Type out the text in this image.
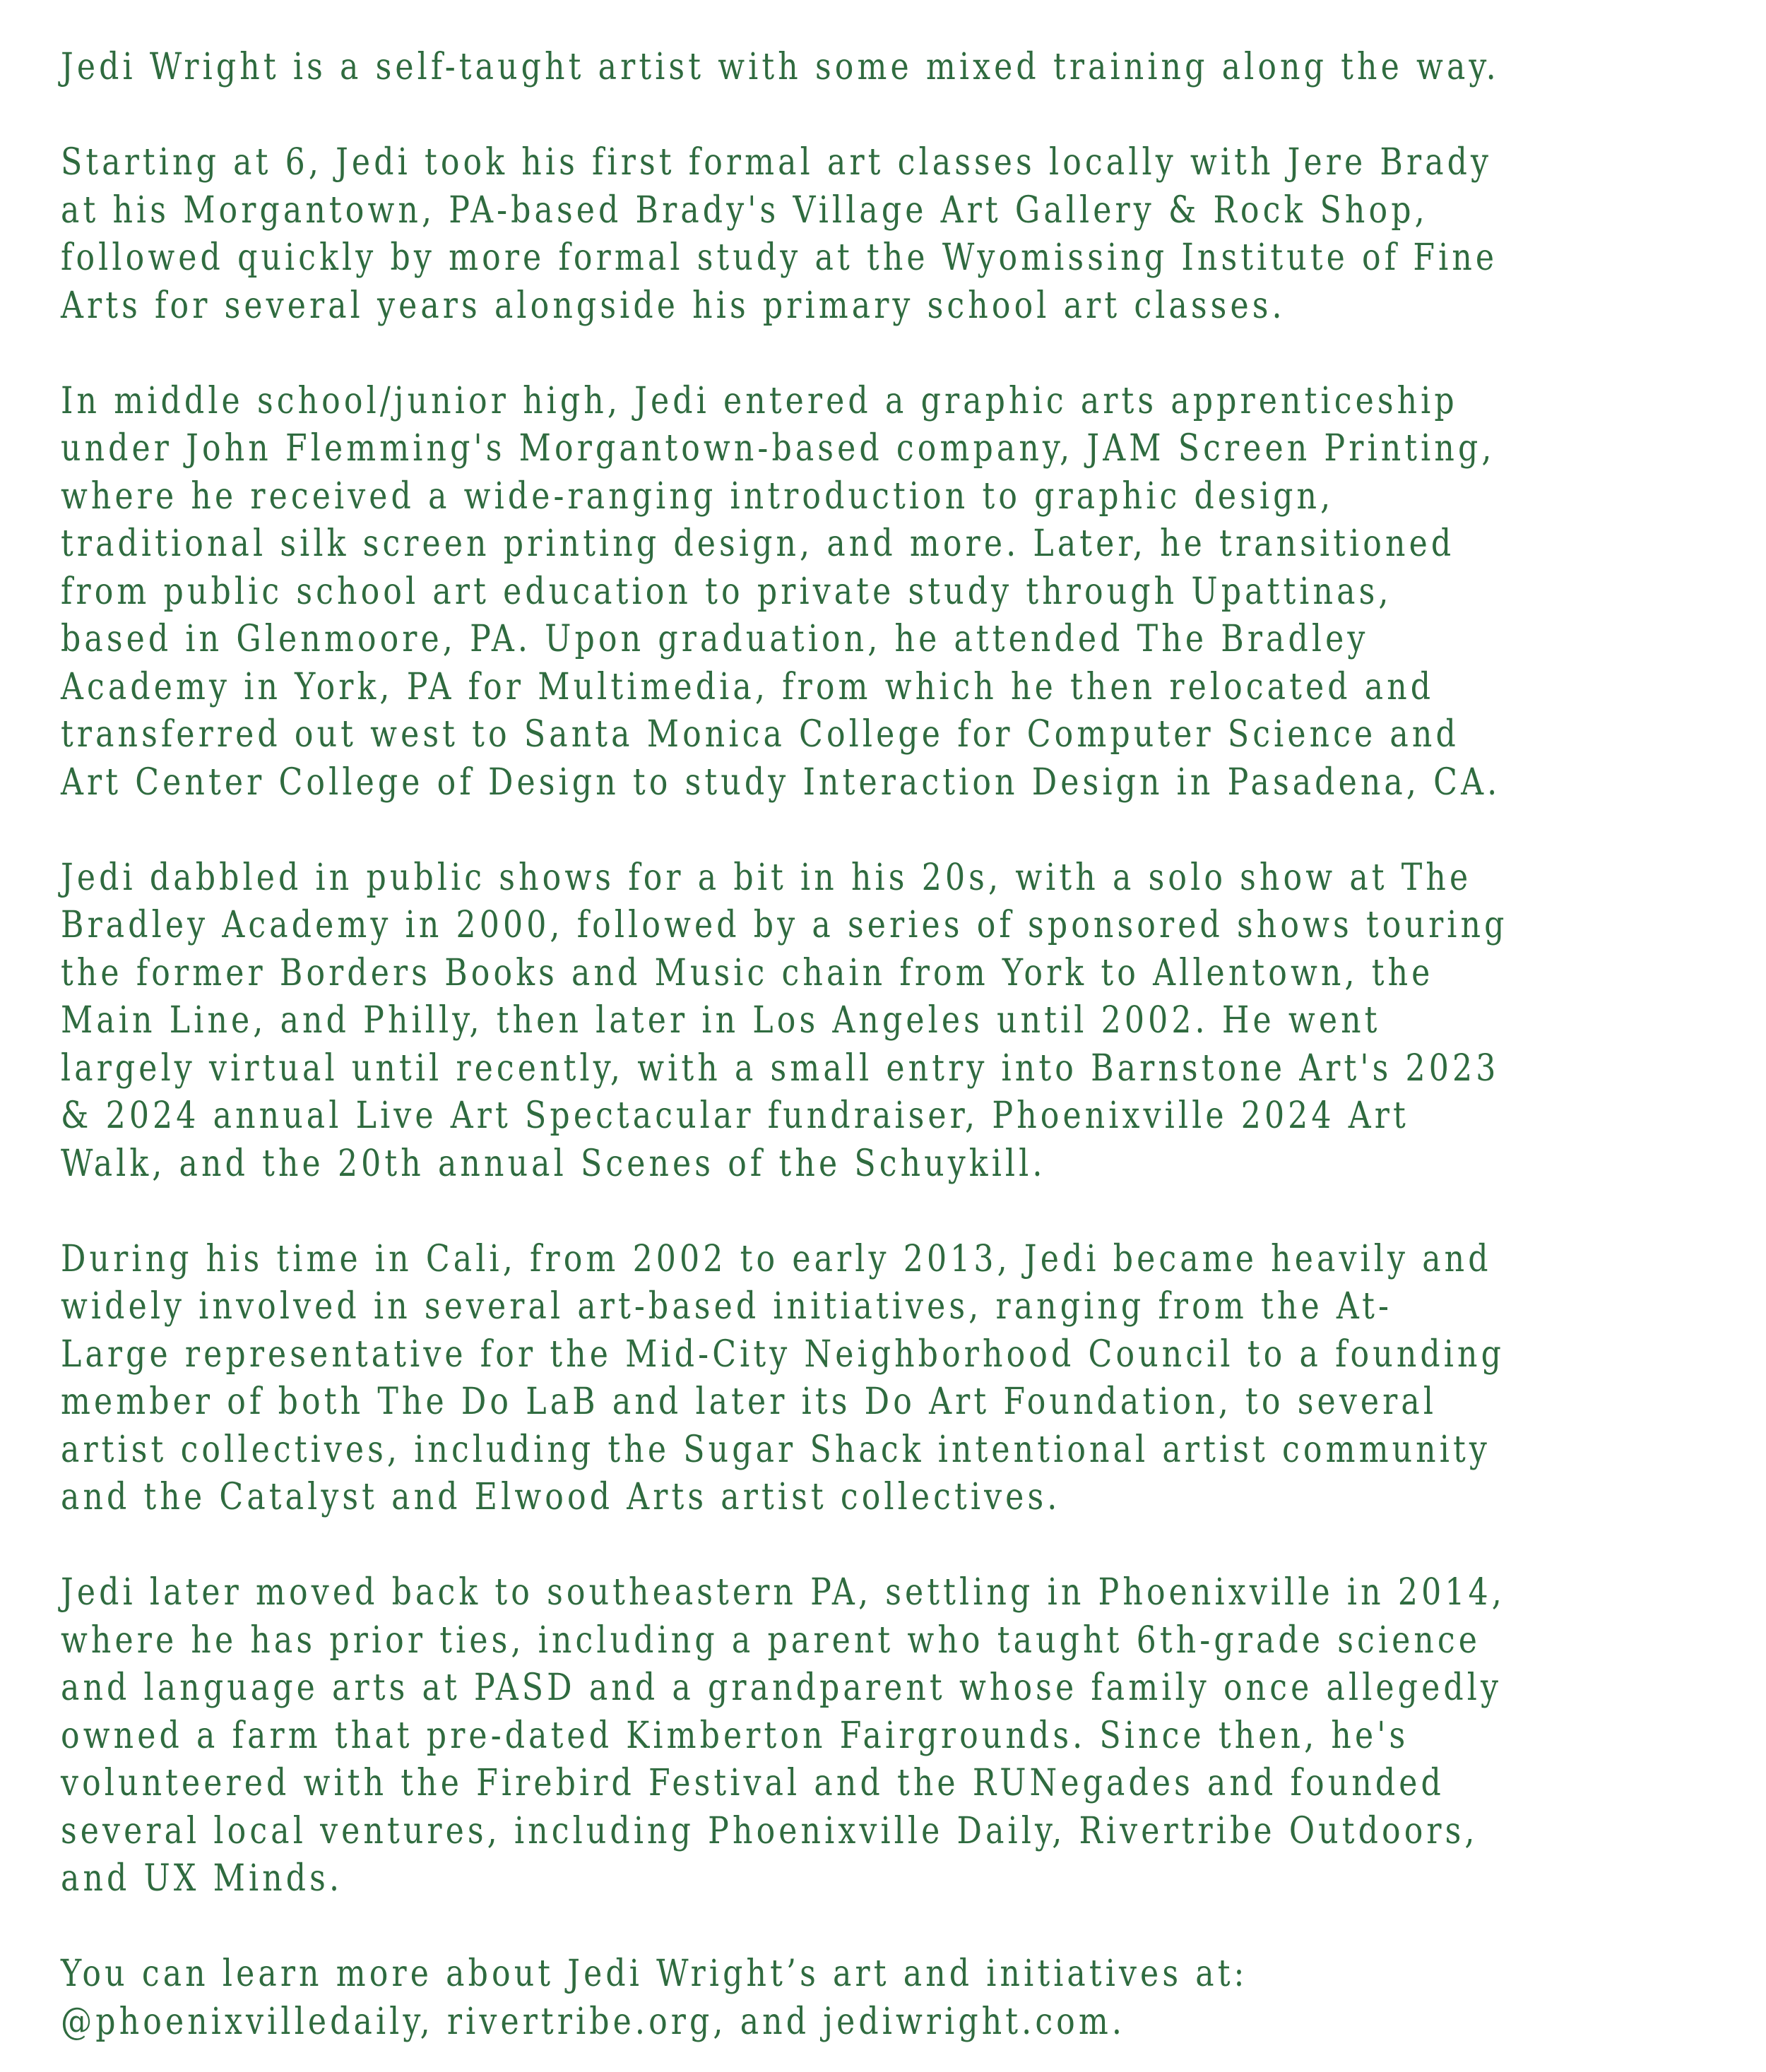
Jedi Wright is a self-taught artist with some mixed training along the way.

Starting at 6, Jedi took his first formal art classes locally with Jere Brady
at his Morgantown, PA-based Brady's Village Art Gallery & Rock Shop,
followed quickly by more formal study at the Wyomissing Institute of Fine
Arts for several years alongside his primary school art classes.

In middle school/junior high, Jedi entered a graphic arts apprenticeship
under John Flemming's Morgantown-based company, JAM Screen Printing,
where he received a wide-ranging introduction to graphic design,
traditional silk screen printing design, and more. Later, he transitioned
from public school art education to private study through Upattinas,
based in Glenmoore, PA. Upon graduation, he attended The Bradley
Academy in York, PA for Multimedia, from which he then relocated and
transferred out west to Santa Monica College for Computer Science and
Art Center College of Design to study Interaction Design in Pasadena, CA.

Jedi dabbled in public shows for a bit in his 20s, with a solo show at The
Bradley Academy in 2000, followed by a series of sponsored shows touring
the former Borders Books and Music chain from York to Allentown, the
Main Line, and Philly, then later in Los Angeles until 2002. He went
largely virtual until recently, with a small entry into Barnstone Art's 2023
& 2024 annual Live Art Spectacular fundraiser, Phoenixville 2024 Art
Walk, and the 20th annual Scenes of the Schuykill.

During his time in Cali, from 2002 to early 2013, Jedi became heavily and
widely involved in several art-based initiatives, ranging from the At-
Large representative for the Mid-City Neighborhood Council to a founding
member of both The Do LaB and later its Do Art Foundation, to several
artist collectives, including the Sugar Shack intentional artist community
and the Catalyst and Elwood Arts artist collectives.

Jedi later moved back to southeastern PA, settling in Phoenixville in 2014,
where he has prior ties, including a parent who taught 6th-grade science
and language arts at PASD and a grandparent whose family once allegedly
owned a farm that pre-dated Kimberton Fairgrounds. Since then, he's
volunteered with the Firebird Festival and the RUNegades and founded
several local ventures, including Phoenixville Daily, Rivertribe Outdoors,
and UX Minds.

You can learn more about Jedi Wright’s art and initiatives at:
@phoenixvilledaily, rivertribe.org, and jediwright.com.
